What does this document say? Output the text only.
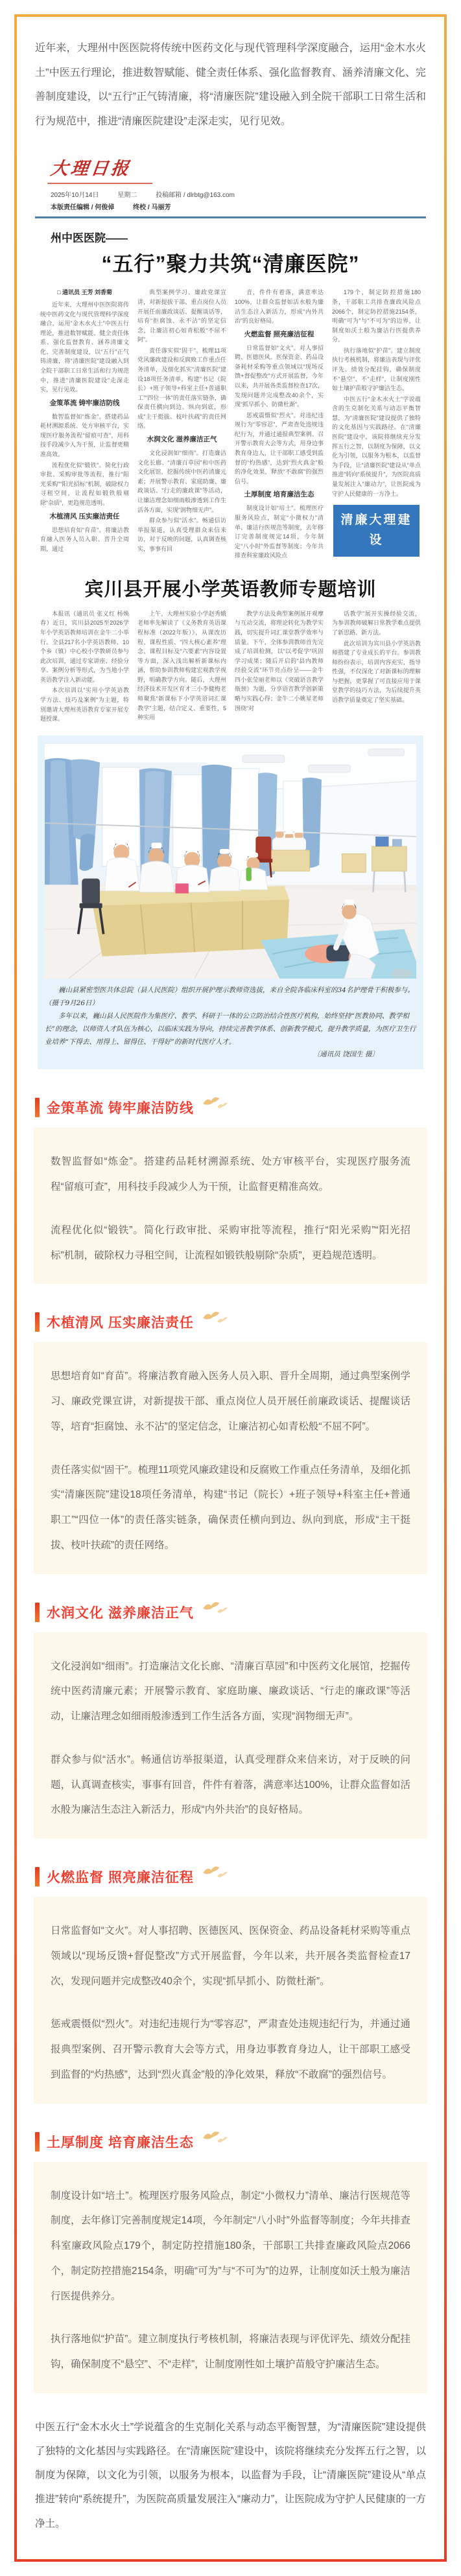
近年来，大理州中医医院将传统中医药文化与现代管理科学深度融合，运用“金木水火土”中医五行理论，推进数智赋能、健全责任体系、强化监督教育、涵养清廉文化、完善制度建设，以“五行”正气铸清廉，将“清廉医院”建设融入到全院干部职工日常生活和行为规范中，推进“清廉医院建设”走深走实，见行见效。

大理日报
2025年10月14日	星期二	投稿邮箱 / dlrbtg@163.com
本版责任编辑 / 何俊倬	终校 / 马丽芳
州中医医院——
“五行”聚力共筑“清廉医院”
□ 通讯员 王芳 刘香菊
近年来，大理州中医医院将传统中医药文化与现代管理科学深度融合，运用“金木水火土”中医五行理论，推进数智赋能、健全责任体系、强化监督教育、涵养清廉文化、完善制度建设，以“五行”正气铸清廉，将“清廉医院”建设融入到全院干部职工日常生活和行为规范中，推进“清廉医院建设”走深走实，见行见效。
金策革流 铸牢廉洁防线
数智监督如“炼金”。搭建药品耗材溯源系统、处方审核平台，实现医疗服务流程“留痕可查”，用科技手段减少人为干预，让监督更精准高效。
流程优化似“锻铁”。简化行政审批、采购审批等流程，推行“阳光采购”“阳光招标”机制，破除权力寻租空间，让流程如锻铁般剔除“杂质”，更趋规范透明。
木植清风 压实廉洁责任
思想培育如“育苗”。将廉洁教育融入医务人员入职、晋升全周期，通过
典型案例学习、廉政党课宣讲，对新提拔干部、重点岗位人员开展任前廉政谈话、提醒谈话等，培育“拒腐蚀、永不沾”的坚定信念，让廉洁初心如青松般“不屈不阿”。
责任落实似“固干”。梳理11项党风廉政建设和反腐败工作重点任务清单，及细化抓实“清廉医院”建设18项任务清单，构建“书记（院长）+班子领导+科室主任+普通职工”“四位一体”的责任落实链条，确保责任横向到边、纵向到底，形成“主干挺拔、枝叶扶疏”的责任网络。
水润文化 滋养廉洁正气
文化浸润如“细雨”。打造廉洁文化长廊、“清廉百草园”和中医药文化展馆，挖掘传统中医药清廉元素；开展警示教育、家庭助廉、廉政谈话、“行走的廉政课”等活动，让廉洁理念如细雨般渗透到工作生活各方面，实现“润物细无声”。
群众参与似“活水”。畅通信访举报渠道，认真受理群众来信来访，对于反映的问题，认真调查核实，事事有回
音，件件有着落，满意率达100%，让群众监督如活水般为廉洁生态注入新活力，形成“内外共治”的良好格局。
火燃监督 照亮廉洁征程
日常监督如“文火”。对人事招聘、医德医风、医保资金、药品设备耗材采购等重点领域以“现场反馈+督促整改”方式开展监督，今年以来，共开展各类监督检查17次，发现问题并完成整改40余个，实现“抓早抓小、防微杜渐”。
惩戒震慑似“烈火”。对违纪违规行为“零容忍”，严肃查处违规违纪行为，并通过通报典型案例、召开警示教育大会等方式，用身边事教育身边人，让干部职工感受到监督的“灼热感”，达到“烈火真金”般的净化效果，释放“不敢腐”的强烈信号。
土厚制度 培育廉洁生态
制度设计如“培土”。梳理医疗服务风险点，制定“小微权力”清单、廉洁行医规范等制度，去年修订完善制度规定14项，今年制定“八小时”外监督等制度；今年共排查科室廉政风险点
179个，制定防控措施180条，干部职工共排查廉政风险点2066个，制定防控措施2154条，明确“可为”与“不可为”的边界，让制度如沃土般为廉洁行医提供养分。
执行落地似“护苗”。建立制度执行考核机制，将廉洁表现与评优评先、绩效分配挂钩，确保制度不“悬空”、不“走样”，让制度刚性如土壤护苗般守护廉洁生态。
中医五行“金木水火土”学说蕴含的生克制化关系与动态平衡智慧，为“清廉医院”建设提供了独特的文化基因与实践路径。在“清廉医院”建设中，该院将继续充分发挥五行之智，以制度为保障，以文化为引领，以服务为根本，以监督为手段，让“清廉医院”建设从“单点推进”转向“系统提升”，为医院高质量发展注入“廉动力”，让医院成为守护人民健康的一方净土。
清廉大理建设
宾川县开展小学英语教师专题培训
本报讯（通讯员 张义红 杨焕春）近日，宾川县2025至2026学年小学英语教师培训在金牛二小举行。全县217名小学英语教师、10个乡（镇）中心校小学教研员参与此次培训，通过专家讲座、经验分享、案例分析等形式，为当地小学英语教学注入新动能。
本次培训以“实用小学英语教学方法、技巧及案例”为主题，特别邀请大理州英语教育专家开展专题授课。
上午，大理州实验小学赵秀娥老师率先解读了《义务教育英语课程标准（2022年版）》，从课改历程、课程性质、“四大核心素养”理念、课程目标及“六要素”内容设置等方面，深入浅出解析新课标内涵，帮助参训教师构建宏观教学视野，明确教学方向。随后，大理州经济技术开发区育才三小李健梅老师聚焦“新课标下小学英语词汇课教学”主题，结合定义、重要性，5种实用
教学方法及典型案例展开观摩与互动交流，将理论转化为教学实践，切实提升词汇课堂教学效率与质量。下午，全体参训教师首先完成了培训检测，以“以考促学”巩固学习成果；随后开启的“县内教师经验交流”环节亮点纷呈——金牛四小张莹丽老师以《突破语音教学瓶颈》为题，分享语音教学创新策略与实践心得；金牛二小姚星老师围绕“对
话教学”展开实操经验交流，为参训教师破解日常教学难点提供了新思路、新方法。
此次培训为宾川县小学英语教师搭建了专业成长的平台。参训教师纷纷表示，培训内容充实，指导性强，不仅深化了对新课标的理解与把握，更掌握了可直接应用于课堂教学的技巧方法，为后续提升英语教学质量奠定了坚实基础。

巍山县紧密型医共体总院（县人民医院）组织开展护理示教师资选拔，来自全院各临床科室的34名护理骨干积极参与。（摄于9月26日）

多年以来，巍山县人民医院作为集医疗、教学、科研于一体的公立防治结合性医疗机构，始终坚持“医教协同、教学相长”的理念，以师资人才队伍为核心，以临床实践为导向，持续完善教学体系、创新教学模式，提升教学质量，为医疗卫生行业培养“下得去、用得上、留得住、干得好”的新时代医疗人才。

〔通讯员 饶国生 摄〕

金策革流 铸牢廉洁防线

数智监督如“炼金”。搭建药品耗材溯源系统、处方审核平台，实现医疗服务流程“留痕可查”，用科技手段减少人为干预，让监督更精准高效。

流程优化似“锻铁”。简化行政审批、采购审批等流程，推行“阳光采购”“阳光招标”机制，破除权力寻租空间，让流程如锻铁般剔除“杂质”，更趋规范透明。

木植清风 压实廉洁责任

思想培育如“育苗”。将廉洁教育融入医务人员入职、晋升全周期，通过典型案例学习、廉政党课宣讲，对新提拔干部、重点岗位人员开展任前廉政谈话、提醒谈话等，培育“拒腐蚀、永不沾”的坚定信念，让廉洁初心如青松般“不屈不阿”。

责任落实似“固干”。梳理11项党风廉政建设和反腐败工作重点任务清单，及细化抓实“清廉医院”建设18项任务清单，构建“书记（院长）+班子领导+科室主任+普通职工”“四位一体”的责任落实链条，确保责任横向到边、纵向到底，形成“主干挺拔、枝叶扶疏”的责任网络。

水润文化 滋养廉洁正气

文化浸润如“细雨”。打造廉洁文化长廊、“清廉百草园”和中医药文化展馆，挖掘传统中医药清廉元素；开展警示教育、家庭助廉、廉政谈话、“行走的廉政课”等活动，让廉洁理念如细雨般渗透到工作生活各方面，实现“润物细无声”。

群众参与似“活水”。畅通信访举报渠道，认真受理群众来信来访，对于反映的问题，认真调查核实，事事有回音，件件有着落，满意率达100%，让群众监督如活水般为廉洁生态注入新活力，形成“内外共治”的良好格局。

火燃监督 照亮廉洁征程

日常监督如“文火”。对人事招聘、医德医风、医保资金、药品设备耗材采购等重点领域以“现场反馈+督促整改”方式开展监督，今年以来，共开展各类监督检查17次，发现问题并完成整改40余个，实现“抓早抓小、防微杜渐”。

惩戒震慑似“烈火”。对违纪违规行为“零容忍”，严肃查处违规违纪行为，并通过通报典型案例、召开警示教育大会等方式，用身边事教育身边人，让干部职工感受到监督的“灼热感”，达到“烈火真金”般的净化效果，释放“不敢腐”的强烈信号。

土厚制度 培育廉洁生态

制度设计如“培土”。梳理医疗服务风险点，制定“小微权力”清单、廉洁行医规范等制度，去年修订完善制度规定14项，今年制定“八小时”外监督等制度；今年共排查科室廉政风险点179个，制定防控措施180条，干部职工共排查廉政风险点2066个，制定防控措施2154条，明确“可为”与“不可为”的边界，让制度如沃土般为廉洁行医提供养分。

执行落地似“护苗”。建立制度执行考核机制，将廉洁表现与评优评先、绩效分配挂钩，确保制度不“悬空”、不“走样”，让制度刚性如土壤护苗般守护廉洁生态。

中医五行“金木水火土”学说蕴含的生克制化关系与动态平衡智慧，为“清廉医院”建设提供了独特的文化基因与实践路径。在“清廉医院”建设中，该院将继续充分发挥五行之智，以制度为保障，以文化为引领，以服务为根本，以监督为手段，让“清廉医院”建设从“单点推进”转向“系统提升”，为医院高质量发展注入“廉动力”，让医院成为守护人民健康的一方净土。
